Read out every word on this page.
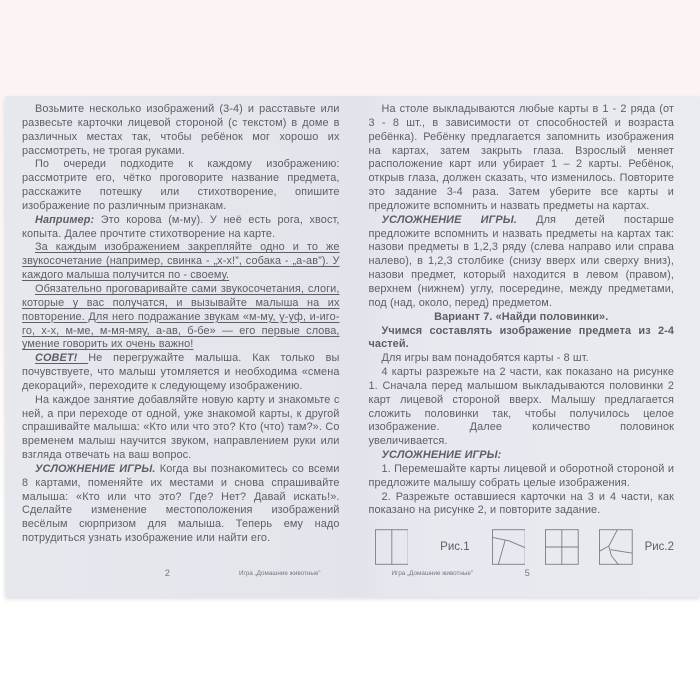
Возьмите несколько изображений (3-4) и расставьте или развесьте карточки лицевой стороной (с текстом) в доме в различных местах так, чтобы ребёнок мог хорошо их рассмотреть, не трогая руками.

По очереди подходите к каждому изображению: рассмотрите его, чётко проговорите название предмета, расскажите потешку или стихотворение, опишите изображение по различным признакам.

Например: Это корова (м-му). У неё есть рога, хвост, копыта. Далее прочтите стихотворение на карте.

За каждым изображением закрепляйте одно и то же звукосочетание (например, свинка - „х-х!”, собака - „а-ав”). У каждого малыша получится по - своему.

Обязательно проговаривайте сами звукосочетания, слоги, которые у вас получатся, и вызывайте малыша на их повторение. Для него подражание звукам «м-му, у-уф, и-иго-го, х-х, м-ме, м-мя-мяу, а-ав, б-бе» — его первые слова, умение говорить их очень важно!

СОВЕТ! Не перегружайте малыша. Как только вы почувствуете, что малыш утомляется и необходима «смена декораций», переходите к следующему изображению.

На каждое занятие добавляйте новую карту и знакомьте с ней, а при переходе от одной, уже знакомой карты, к другой спрашивайте малыша: «Кто или что это? Кто (что) там?». Со временем малыш научится звуком, направлением руки или взгляда отвечать на ваш вопрос.

УСЛОЖНЕНИЕ ИГРЫ. Когда вы познакомитесь со всеми 8 картами, поменяйте их местами и снова спрашивайте малыша: «Кто или что это? Где? Нет? Давай искать!». Сделайте изменение местоположения изображений весёлым сюрпризом для малыша. Теперь ему надо потрудиться узнать изображение или найти его.

2	Игра „Домашние животные”

На столе выкладываются любые карты в 1 - 2 ряда (от 3 - 8 шт., в зависимости от способностей и возраста ребёнка). Ребёнку предлагается запомнить изображения на картах, затем закрыть глаза. Взрослый меняет расположение карт или убирает 1 – 2 карты. Ребёнок, открыв глаза, должен сказать, что изменилось. Повторите это задание 3-4 раза. Затем уберите все карты и предложите вспомнить и назвать предметы на картах.

УСЛОЖНЕНИЕ ИГРЫ. Для детей постарше предложите вспомнить и назвать предметы на картах так: назови предметы в 1,2,3 ряду (слева направо или справа налево), в 1,2,3 столбике (снизу вверх или сверху вниз), назови предмет, который находится в левом (правом), верхнем (нижнем) углу, посередине, между предметами, под (над, около, перед) предметом.

Вариант 7. «Найди половинки».

Учимся составлять изображение предмета из 2-4 частей.

Для игры вам понадобятся карты - 8 шт.

4 карты разрежьте на 2 части, как показано на рисунке 1. Сначала перед малышом выкладываются половинки 2 карт лицевой стороной вверх. Малышу предлагается сложить половинки так, чтобы получилось целое изображение. Далее количество половинок увеличивается.

УСЛОЖНЕНИЕ ИГРЫ:

1. Перемешайте карты лицевой и оборотной стороной и предложите малышу собрать целые изображения.

2. Разрежьте оставшиеся карточки на 3 и 4 части, как показано на рисунке 2, и повторите задание.

Рис.1	Рис.2
Игра „Домашние животные”	5
